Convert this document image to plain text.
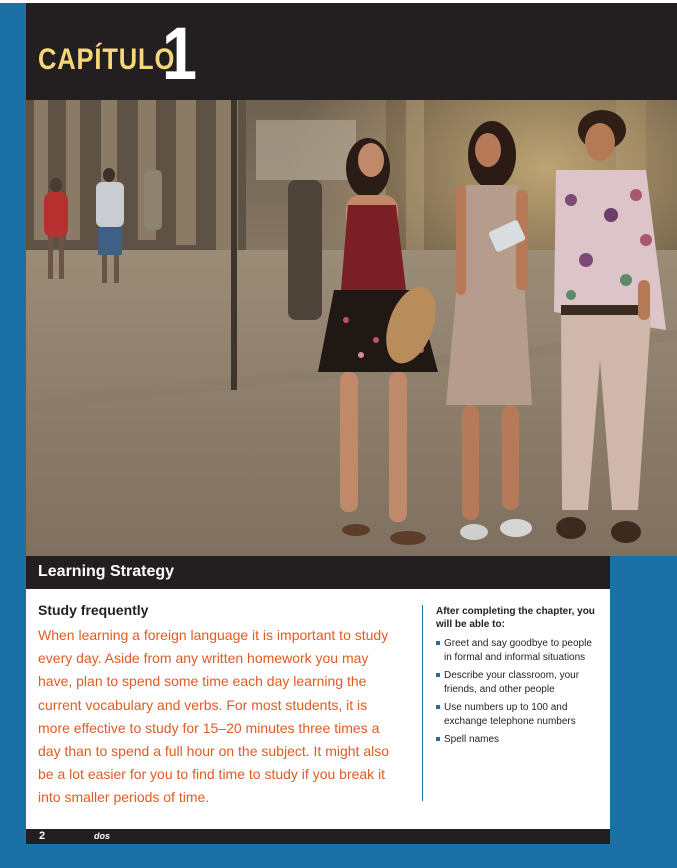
CAPÍTULO
1
Learning Strategy
Study frequently
When learning a foreign language it is important to study every day. Aside from any written homework you may have, plan to spend some time each day learning the current vocabulary and verbs. For most students, it is more effective to study for 15–20 minutes three times a day than to spend a full hour on the subject. It might also be a lot easier for you to find time to study if you break it into smaller periods of time.
After completing the chapter, you will be able to:
Greet and say goodbye to people in formal and informal situations
Describe your classroom, your friends, and other people
Use numbers up to 100 and exchange telephone numbers
Spell names
2	dos
